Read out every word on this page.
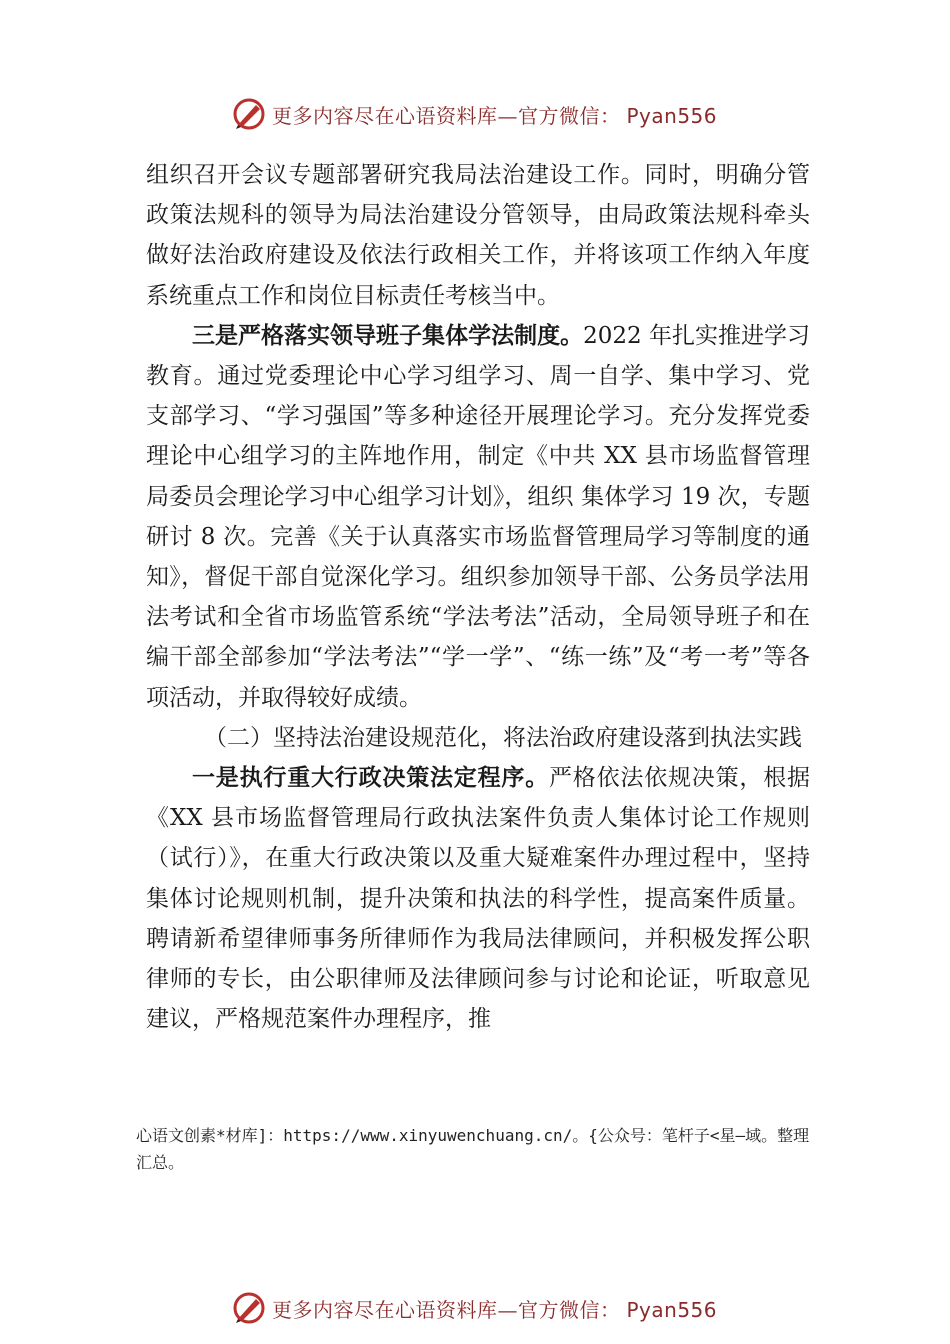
更多内容尽在心语资料库—官方微信： Pyan556

组织召开会议专题部署研究我局法治建设工作。同时，明确分管政策法规科的领导为局法治建设分管领导，由局政策法规科牵头做好法治政府建设及依法行政相关工作，并将该项工作纳入年度系统重点工作和岗位目标责任考核当中。

三是严格落实领导班子集体学法制度。2022 年扎实推进学习教育。通过党委理论中心学习组学习、周一自学、集中学习、党支部学习、“学习强国”等多种途径开展理论学习。充分发挥党委理论中心组学习的主阵地作用，制定《中共 XX 县市场监督管理局委员会理论学习中心组学习计划》，组织 集体学习 19 次，专题研讨 8 次。完善《关于认真落实市场监督管理局学习等制度的通知》，督促干部自觉深化学习。组织参加领导干部、公务员学法用法考试和全省市场监管系统“学法考法”活动，全局领导班子和在编干部全部参加“学法考法”“学一学”、“练一练”及“考一考”等各项活动，并取得较好成绩。

（二）坚持法治建设规范化，将法治政府建设落到执法实践

一是执行重大行政决策法定程序。严格依法依规决策，根据《XX 县市场监督管理局行政执法案件负责人集体讨论工作规则（试行）》，在重大行政决策以及重大疑难案件办理过程中，坚持集体讨论规则机制，提升决策和执法的科学性，提高案件质量。聘请新希望律师事务所律师作为我局法律顾问，并积极发挥公职律师的专长，由公职律师及法律顾问参与讨论和论证，听取意见建议，严格规范案件办理程序，推

心语文创素*材库]：https://www.xinyuwenchuang.cn/。{公众号：笔杆子<星—域。整理汇总。
更多内容尽在心语资料库—官方微信： Pyan556
